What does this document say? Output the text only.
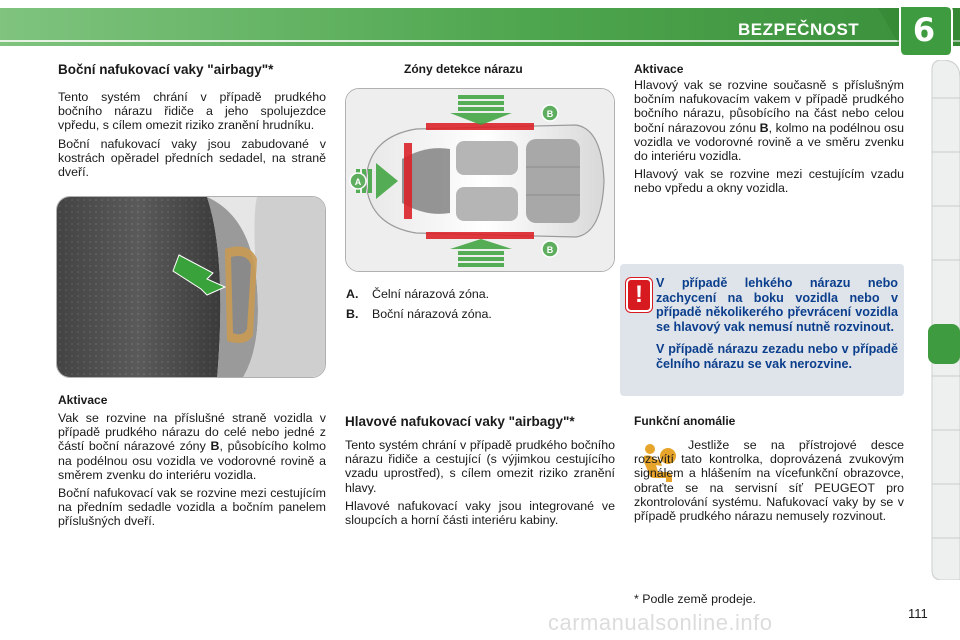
BEZPEČNOST 6
Boční nafukovací vaky "airbagy"*

Tento systém chrání v případě prudkého bočního nárazu řidiče a jeho spolujezdce vpředu, s cílem omezit riziko zranění hrudníku.

Boční nafukovací vaky jsou zabudované v kostrách opěradel předních sedadel, na straně dveří.

Aktivace

Vak se rozvine na příslušné straně vozidla v případě prudkého nárazu do celé nebo jedné z částí boční nárazové zóny B, působícího kolmo na podélnou osu vozidla ve vodorovné rovině a směrem zvenku do interiéru vozidla.

Boční nafukovací vak se rozvine mezi cestujícím na předním sedadle vozidla a bočním panelem příslušných dveří.

Zóny detekce nárazu
B
B
A
A. Čelní nárazová zóna.
B. Boční nárazová zóna.
Hlavové nafukovací vaky "airbagy"*

Tento systém chrání v případě prudkého bočního nárazu řidiče a cestující (s výjimkou cestujícího vzadu uprostřed), s cílem omezit riziko zranění hlavy.

Hlavové nafukovací vaky jsou integrované ve sloupcích a horní části interiéru kabiny.

Aktivace

Hlavový vak se rozvine současně s příslušným bočním nafukovacím vakem v případě prudkého bočního nárazu, působícího na část nebo celou boční nárazovou zónu B, kolmo na podélnou osu vozidla ve vodorovné rovině a ve směru zvenku do interiéru vozidla.

Hlavový vak se rozvine mezi cestujícím vzadu nebo vpředu a okny vozidla.

!	V případě lehkého nárazu nebo zachycení na boku vozidla nebo v případě několikerého převrácení vozidla se hlavový vak nemusí nutně rozvinout.

V případě nárazu zezadu nebo v případě čelního nárazu se vak nerozvine.

Funkční anomálie

Jestliže se na přístrojové desce rozsvítí tato kontrolka, doprovázená zvukovým signálem a hlášením na vícefunkční obrazovce, obraťte se na servisní síť PEUGEOT pro zkontrolování systému. Nafukovací vaky by se v případě prudkého nárazu nemusely rozvinout.

* Podle země prodeje.
carmanualsonline.info	111
